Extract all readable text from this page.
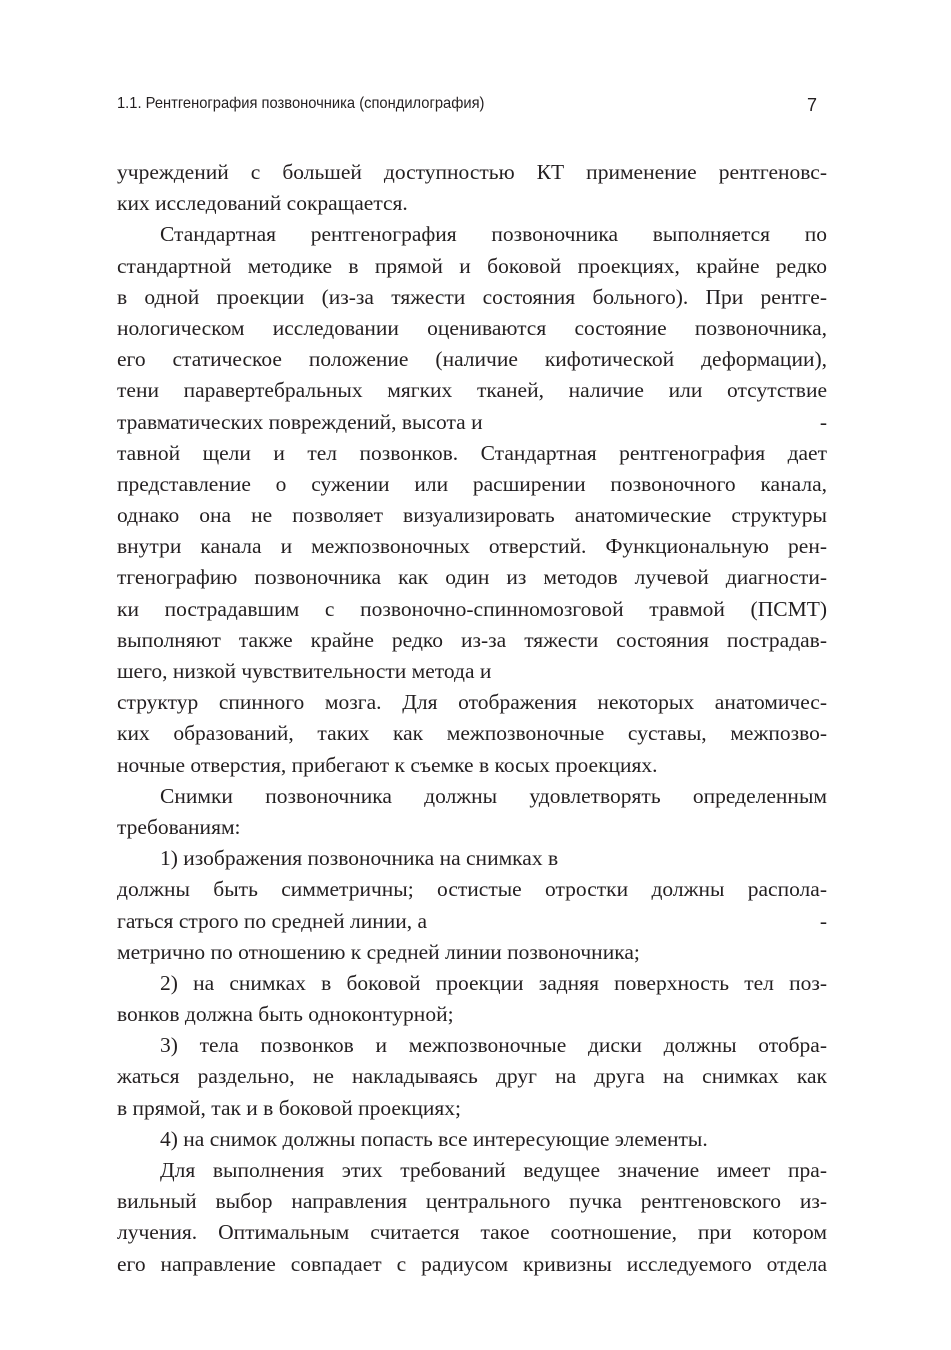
1.1. Рентгенография позвоночника (спондилография)	7
учреждений с большей доступностью КТ применение рентгеновс-
ких исследований сокращается.
Стандартная рентгенография позвоночника выполняется по
стандартной методике в прямой и боковой проекциях, крайне редко
в одной проекции (из-за тяжести состояния больного). При рентге-
нологическом исследовании оцениваются состояние позвоночника,
его статическое положение (наличие кифотической деформации),
тени паравертебральных мягких тканей, наличие или отсутствие
травматических повреждений, высота и	-
тавной щели и тел позвонков. Стандартная рентгенография дает
представление о сужении или расширении позвоночного канала,
однако она не позволяет визуализировать анатомические структуры
внутри канала и межпозвоночных отверстий. Функциональную рен-
тгенографию позвоночника как один из методов лучевой диагности-
ки пострадавшим с позвоночно-спинномозговой травмой (ПСМТ)
выполняют также крайне редко из-за тяжести состояния пострадав-
шего, низкой чувствительности метода и
структур спинного мозга. Для отображения некоторых анатомичес-
ких образований, таких как межпозвоночные суставы, межпозво-
ночные отверстия, прибегают к съемке в косых проекциях.
Снимки позвоночника должны удовлетворять определенным
требованиям:
1) изображения позвоночника на снимках в
должны быть симметричны; остистые отростки должны распола-
гаться строго по средней линии, а	-
метрично по отношению к средней линии позвоночника;
2) на снимках в боковой проекции задняя поверхность тел поз-
вонков должна быть одноконтурной;
3) тела позвонков и межпозвоночные диски должны отобра-
жаться раздельно, не накладываясь друг на друга на снимках как
в прямой, так и в боковой проекциях;
4) на снимок должны попасть все интересующие элементы.
Для выполнения этих требований ведущее значение имеет пра-
вильный выбор направления центрального пучка рентгеновского из-
лучения. Оптимальным считается такое соотношение, при котором
его направление совпадает с радиусом кривизны исследуемого отдела
